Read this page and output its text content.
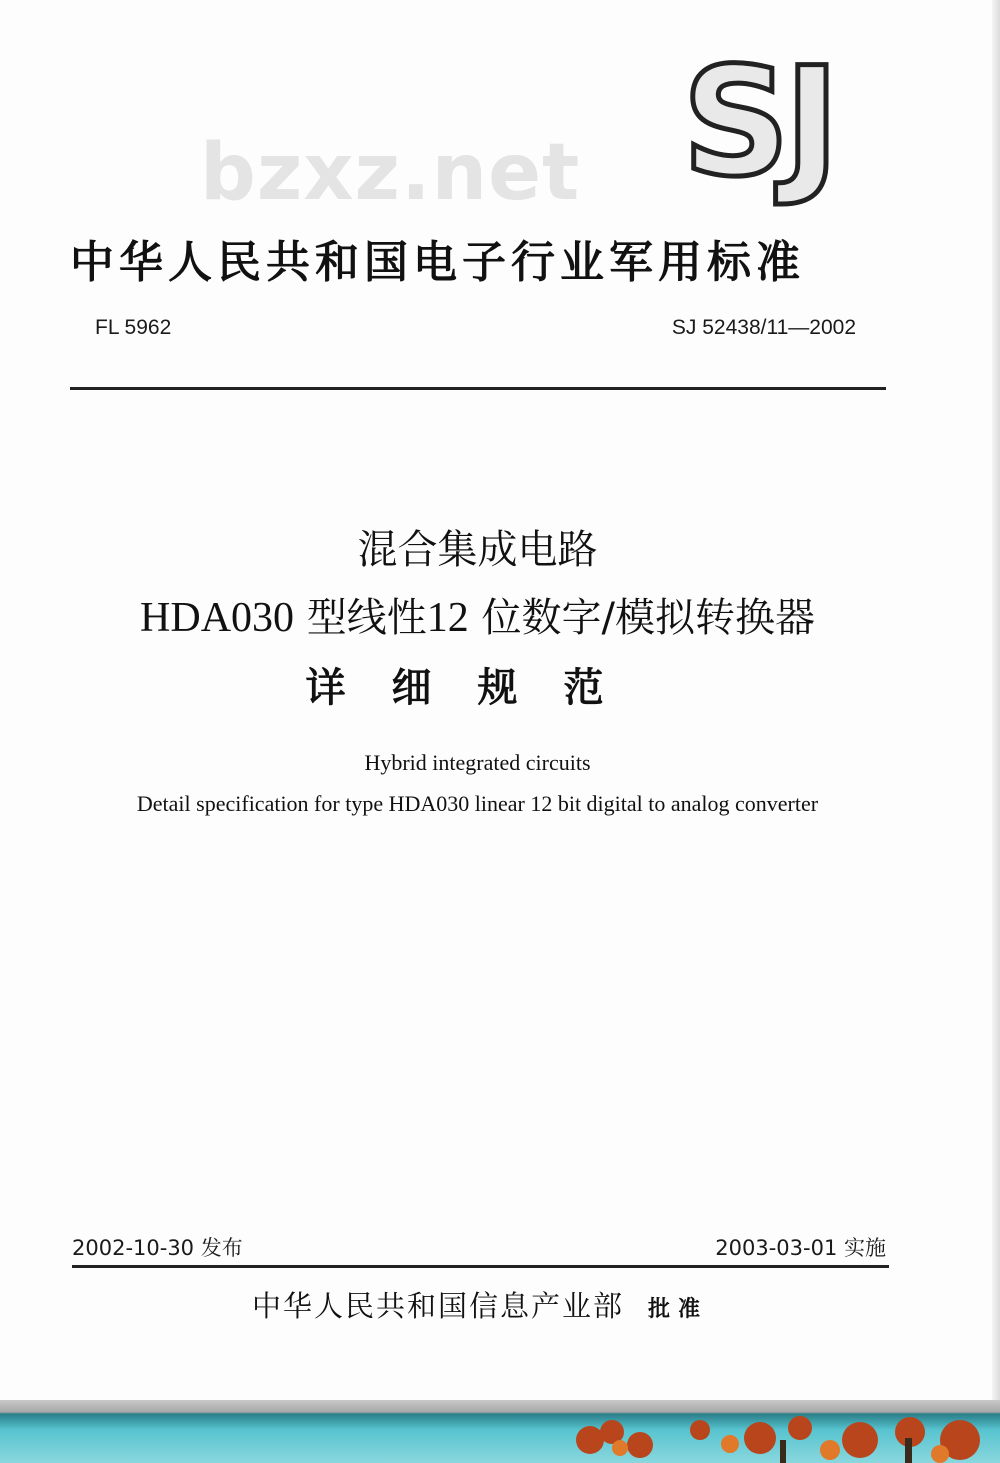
SJ
bzxz.net
中华人民共和国电子行业军用标准
FL 5962	SJ 52438/11—2002
混合集成电路
HDA030 型线性12 位数字/模拟转换器
详细规范
Hybrid integrated circuits
Detail specification for type HDA030 linear 12 bit digital to analog converter
2002-10-30 发布	2003-03-01 实施
中华人民共和国信息产业部 批准
